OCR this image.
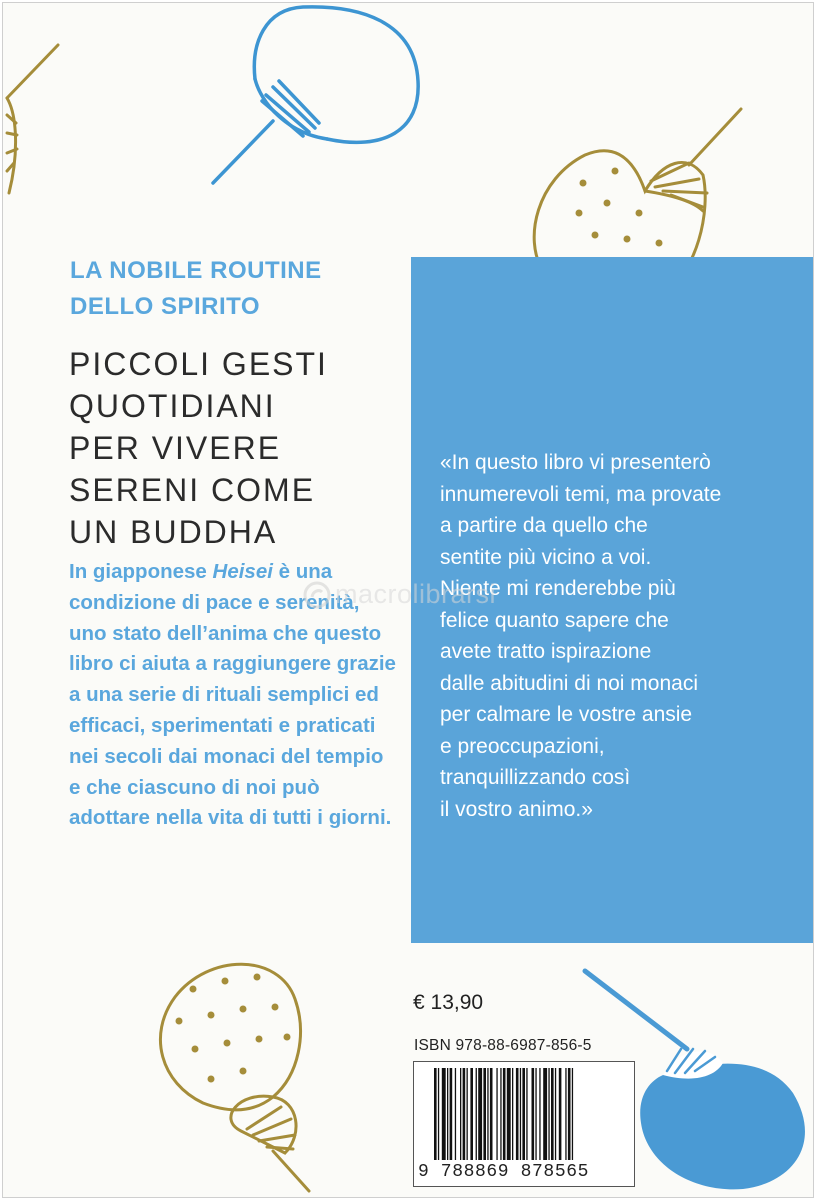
LA NOBILE ROUTINE
DELLO SPIRITO
PICCOLI GESTI
QUOTIDIANI
PER VIVERE
SERENI COME
UN BUDDHA
In giapponese Heisei è una condizione di pace e serenità, uno stato dell’anima che questo libro ci aiuta a raggiungere grazie a una serie di rituali semplici ed efficaci, sperimentati e praticati nei secoli dai monaci del tempio e che ciascuno di noi può adottare nella vita di tutti i giorni.
«In questo libro vi presenterò
innumerevoli temi, ma provate
a partire da quello che
sentite più vicino a voi.
Niente mi renderebbe più
felice quanto sapere che
avete tratto ispirazione
dalle abitudini di noi monaci
per calmare le vostre ansie
e preoccupazioni,
tranquillizzando così
il vostro animo.»
macrolibrarsi
€ 13,90
ISBN 978-88-6987-856-5
9 788869 878565
